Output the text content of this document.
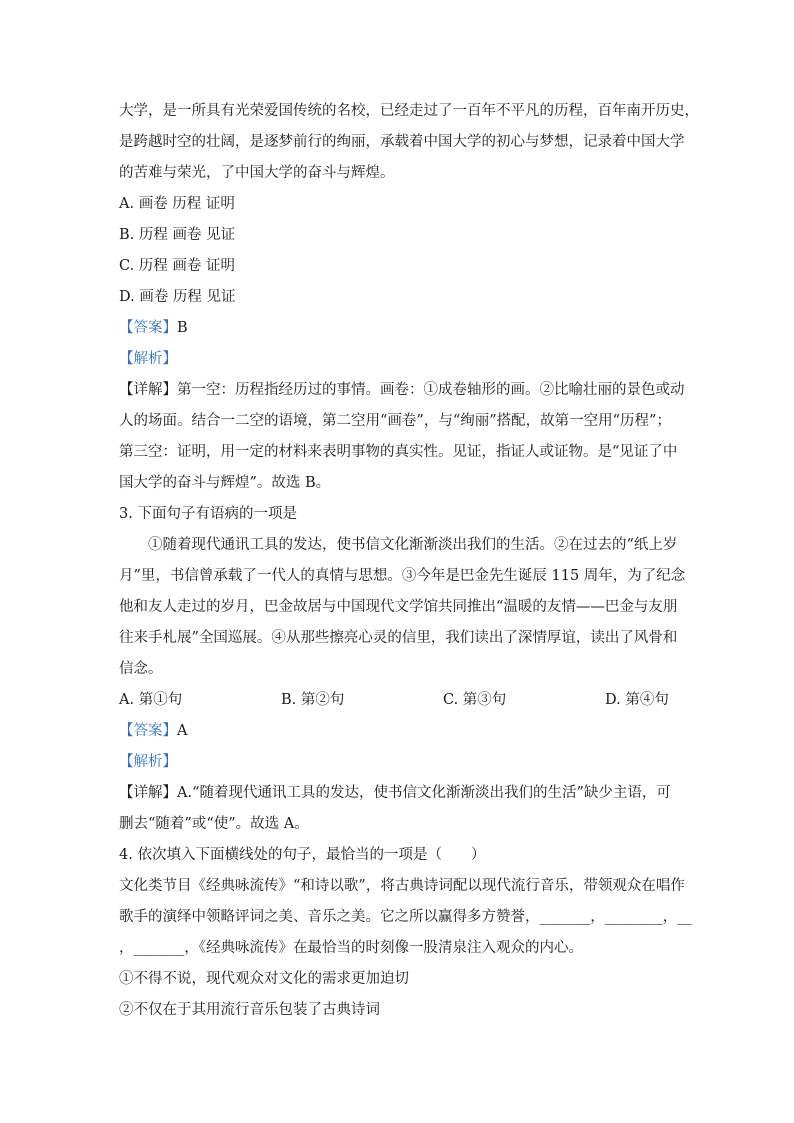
大学，是一所具有光荣爱国传统的名校，已经走过了一百年不平凡的历程，百年南开历史，
是跨越时空的壮阔，是逐梦前行的绚丽，承载着中国大学的初心与梦想，记录着中国大学
的苦难与荣光，了中国大学的奋斗与辉煌。
A. 画卷 历程 证明
B. 历程 画卷 见证
C. 历程 画卷 证明
D. 画卷 历程 见证
【答案】B
【解析】
【详解】第一空：历程指经历过的事情。画卷：①成卷轴形的画。②比喻壮丽的景色或动
人的场面。结合一二空的语境，第二空用“画卷”，与“绚丽”搭配，故第一空用“历程”；
第三空：证明，用一定的材料来表明事物的真实性。见证，指证人或证物。是“见证了中
国大学的奋斗与辉煌”。故选 B。
3. 下面句子有语病的一项是
①随着现代通讯工具的发达，使书信文化渐渐淡出我们的生活。②在过去的“纸上岁
月”里，书信曾承载了一代人的真情与思想。③今年是巴金先生诞辰 115 周年，为了纪念
他和友人走过的岁月，巴金故居与中国现代文学馆共同推出“温暖的友情——巴金与友朋
往来手札展”全国巡展。④从那些擦亮心灵的信里，我们读出了深情厚谊，读出了风骨和
信念。
A. 第①句	B. 第②句	C. 第③句	D. 第④句
【答案】A
【解析】
【详解】A.“随着现代通讯工具的发达，使书信文化渐渐淡出我们的生活”缺少主语，可
删去“随着”或“使”。故选 A。
4. 依次填入下面横线处的句子，最恰当的一项是（　　）
文化类节目《经典咏流传》“和诗以歌”，将古典诗词配以现代流行音乐，带领观众在唱作
歌手的演绎中领略评词之美、音乐之美。它之所以赢得多方赞誉，_______，________，__
，_______，《经典咏流传》在最恰当的时刻像一股清泉注入观众的内心。
①不得不说，现代观众对文化的需求更加迫切
②不仅在于其用流行音乐包装了古典诗词
